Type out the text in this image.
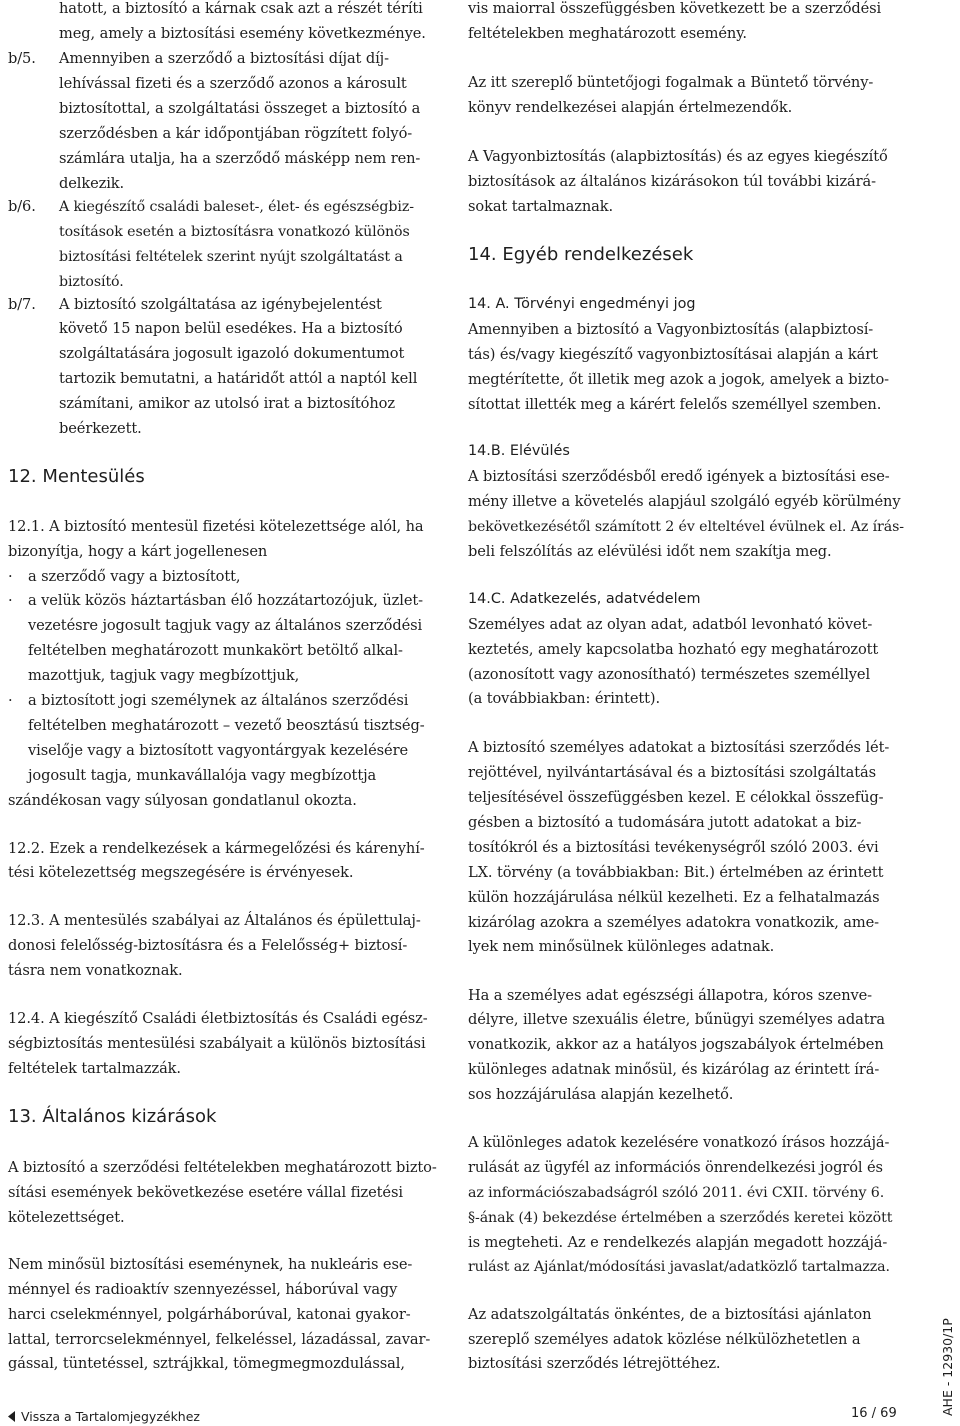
hatott, a biztosító a kárnak csak azt a részét téríti
meg, amely a biztosítási esemény következménye.
b/5. Amennyiben a szerződő a biztosítási díjat díj-
lehívással fizeti és a szerződő azonos a károsult
biztosítottal, a szolgáltatási összeget a biztosító a
szerződésben a kár időpontjában rögzített folyó-
számlára utalja, ha a szerződő másképp nem ren-
delkezik.
b/6. A kiegészítő családi baleset-, élet- és egészségbiz-
tosítások esetén a biztosításra vonatkozó különös
biztosítási feltételek szerint nyújt szolgáltatást a
biztosító.
b/7. A biztosító szolgáltatása az igénybejelentést
követő 15 napon belül esedékes. Ha a biztosító
szolgáltatására jogosult igazoló dokumentumot
tartozik bemutatni, a határidőt attól a naptól kell
számítani, amikor az utolsó irat a biztosítóhoz
beérkezett.
12. Mentesülés
12.1. A biztosító mentesül fizetési kötelezettsége alól, ha
bizonyítja, hogy a kárt jogellenesen
· a szerződő vagy a biztosított,
· a velük közös háztartásban élő hozzátartozójuk, üzlet-
vezetésre jogosult tagjuk vagy az általános szerződési
feltételben meghatározott munkakört betöltő alkal-
mazottjuk, tagjuk vagy megbízottjuk,
· a biztosított jogi személynek az általános szerződési
feltételben meghatározott – vezető beosztású tisztség-
viselője vagy a biztosított vagyontárgyak kezelésére
jogosult tagja, munkavállalója vagy megbízottja
szándékosan vagy súlyosan gondatlanul okozta.
12.2. Ezek a rendelkezések a kármegelőzési és kárenyhí-
tési kötelezettség megszegésére is érvényesek.
12.3. A mentesülés szabályai az Általános és épülettulaj-
donosi felelősség-biztosításra és a Felelősség+ biztosí-
tásra nem vonatkoznak.
12.4. A kiegészítő Családi életbiztosítás és Családi egész-
ségbiztosítás mentesülési szabályait a különös biztosítási
feltételek tartalmazzák.
13. Általános kizárások
A biztosító a szerződési feltételekben meghatározott bizto-
sítási események bekövetkezése esetére vállal fizetési
kötelezettséget.
Nem minősül biztosítási eseménynek, ha nukleáris ese-
ménnyel és radioaktív szennyezéssel, háborúval vagy
harci cselekménnyel, polgárháborúval, katonai gyakor-
lattal, terrorcselekménnyel, felkeléssel, lázadással, zavar-
gással, tüntetéssel, sztrájkkal, tömegmegmozdulással,
vis maiorral összefüggésben következett be a szerződési
feltételekben meghatározott esemény.
Az itt szereplő büntetőjogi fogalmak a Büntető törvény-
könyv rendelkezései alapján értelmezendők.
A Vagyonbiztosítás (alapbiztosítás) és az egyes kiegészítő
biztosítások az általános kizárásokon túl további kizárá-
sokat tartalmaznak.
14. Egyéb rendelkezések
14. A. Törvényi engedményi jog
Amennyiben a biztosító a Vagyonbiztosítás (alapbiztosí-
tás) és/vagy kiegészítő vagyonbiztosításai alapján a kárt
megtérítette, őt illetik meg azok a jogok, amelyek a bizto-
sítottat illették meg a kárért felelős személlyel szemben.
14.B. Elévülés
A biztosítási szerződésből eredő igények a biztosítási ese-
mény illetve a követelés alapjául szolgáló egyéb körülmény
bekövetkezésétől számított 2 év elteltével évülnek el. Az írás-
beli felszólítás az elévülési időt nem szakítja meg.
14.C. Adatkezelés, adatvédelem
Személyes adat az olyan adat, adatból levonható követ-
keztetés, amely kapcsolatba hozható egy meghatározott
(azonosított vagy azonosítható) természetes személlyel
(a továbbiakban: érintett).
A biztosító személyes adatokat a biztosítási szerződés lét-
rejöttével, nyilvántartásával és a biztosítási szolgáltatás
teljesítésével összefüggésben kezel. E célokkal összefüg-
gésben a biztosító a tudomására jutott adatokat a biz-
tosítókról és a biztosítási tevékenységről szóló 2003. évi
LX. törvény (a továbbiakban: Bit.) értelmében az érintett
külön hozzájárulása nélkül kezelheti. Ez a felhatalmazás
kizárólag azokra a személyes adatokra vonatkozik, ame-
lyek nem minősülnek különleges adatnak.
Ha a személyes adat egészségi állapotra, kóros szenve-
délyre, illetve szexuális életre, bűnügyi személyes adatra
vonatkozik, akkor az a hatályos jogszabályok értelmében
különleges adatnak minősül, és kizárólag az érintett írá-
sos hozzájárulása alapján kezelhető.
A különleges adatok kezelésére vonatkozó írásos hozzájá-
rulását az ügyfél az információs önrendelkezési jogról és
az információszabadságról szóló 2011. évi CXII. törvény 6.
§-ának (4) bekezdése értelmében a szerződés keretei között
is megteheti. Az e rendelkezés alapján megadott hozzájá-
rulást az Ajánlat/módosítási javaslat/adatközlő tartalmazza.
Az adatszolgáltatás önkéntes, de a biztosítási ajánlaton
szereplő személyes adatok közlése nélkülözhetetlen a
biztosítási szerződés létrejöttéhez.
Vissza a Tartalomjegyzékhez	16 / 69	AHE - 12930/1P
